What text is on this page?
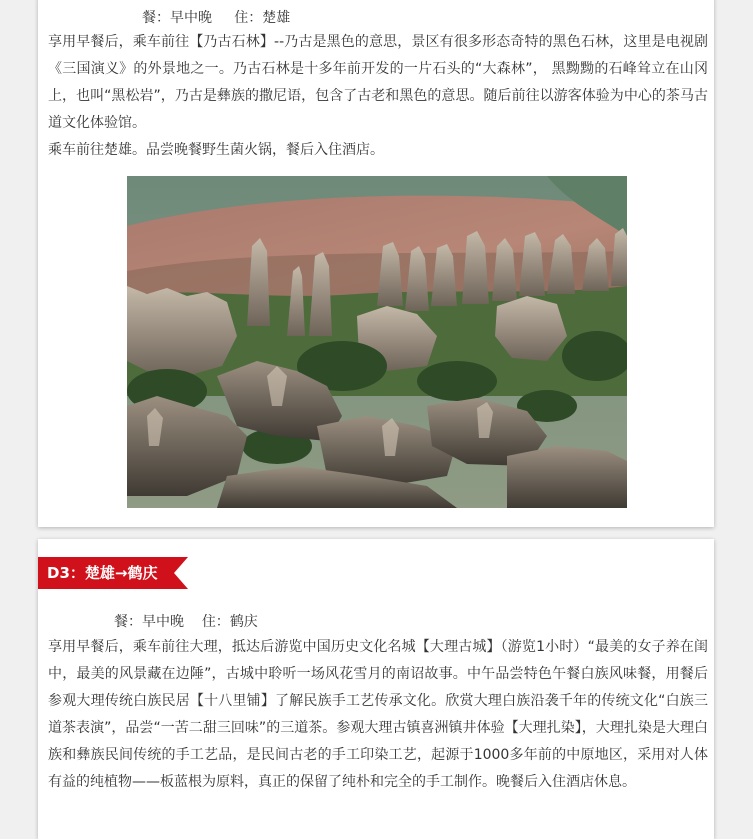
餐：早中晚 住：楚雄

享用早餐后，乘车前往【乃古石林】--乃古是黑色的意思，景区有很多形态奇特的黑色石林，这里是电视剧《三国演义》的外景地之一。乃古石林是十多年前开发的一片石头的“大森林”， 黑黝黝的石峰耸立在山冈上，也叫“黑松岩”，乃古是彝族的撒尼语，包含了古老和黑色的意思。随后前往以游客体验为中心的茶马古道文化体验馆。

乘车前往楚雄。品尝晚餐野生菌火锅，餐后入住酒店。

D3：楚雄→鹤庆
餐：早中晚 住：鹤庆

享用早餐后，乘车前往大理，抵达后游览中国历史文化名城【大理古城】（游览1小时）“最美的女子养在闺中，最美的风景藏在边陲”，古城中聆听一场风花雪月的南诏故事。中午品尝特色午餐白族风味餐，用餐后参观大理传统白族民居【十八里铺】了解民族手工艺传承文化。欣赏大理白族沿袭千年的传统文化“白族三道茶表演”，品尝“一苦二甜三回味”的三道茶。参观大理古镇喜洲镇井体验【大理扎染】，大理扎染是大理白族和彝族民间传统的手工艺品，是民间古老的手工印染工艺，起源于1000多年前的中原地区，采用对人体有益的纯植物——板蓝根为原料，真正的保留了纯朴和完全的手工制作。晚餐后入住酒店休息。
